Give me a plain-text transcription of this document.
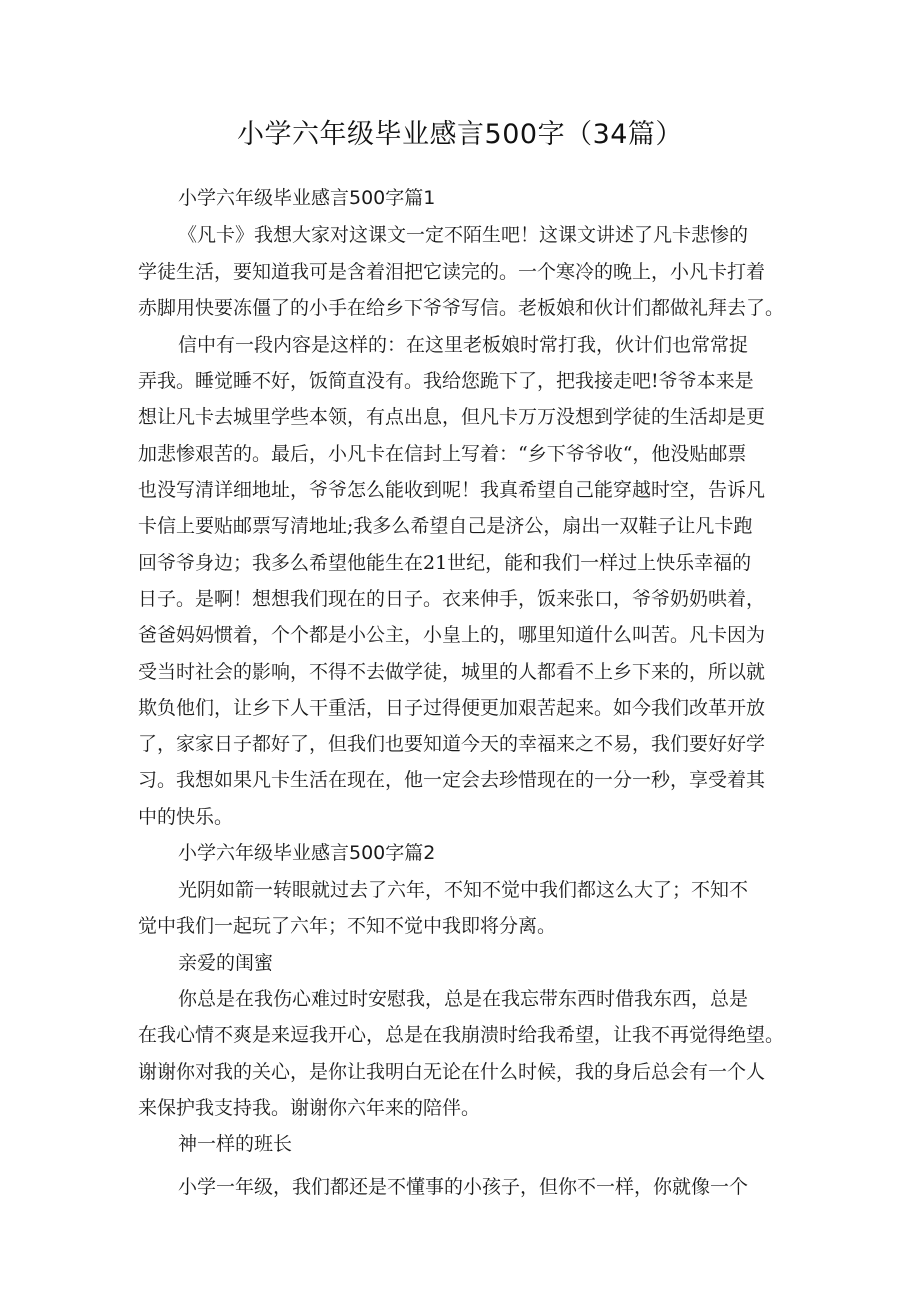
小学六年级毕业感言500字（34篇）

小学六年级毕业感言500字篇1

《凡卡》我想大家对这课文一定不陌生吧！这课文讲述了凡卡悲惨的

学徒生活，要知道我可是含着泪把它读完的。一个寒冷的晚上，小凡卡打着

赤脚用快要冻僵了的小手在给乡下爷爷写信。老板娘和伙计们都做礼拜去了。

信中有一段内容是这样的：在这里老板娘时常打我，伙计们也常常捉

弄我。睡觉睡不好，饭简直没有。我给您跪下了，把我接走吧!爷爷本来是

想让凡卡去城里学些本领，有点出息，但凡卡万万没想到学徒的生活却是更

加悲惨艰苦的。最后，小凡卡在信封上写着：“乡下爷爷收“，他没贴邮票

也没写清详细地址，爷爷怎么能收到呢！我真希望自己能穿越时空，告诉凡

卡信上要贴邮票写清地址;我多么希望自己是济公，扇出一双鞋子让凡卡跑

回爷爷身边；我多么希望他能生在21世纪，能和我们一样过上快乐幸福的

日子。是啊！想想我们现在的日子。衣来伸手，饭来张口，爷爷奶奶哄着，

爸爸妈妈惯着，个个都是小公主，小皇上的，哪里知道什么叫苦。凡卡因为

受当时社会的影响，不得不去做学徒，城里的人都看不上乡下来的，所以就

欺负他们，让乡下人干重活，日子过得便更加艰苦起来。如今我们改革开放

了，家家日子都好了，但我们也要知道今天的幸福来之不易，我们要好好学

习。我想如果凡卡生活在现在，他一定会去珍惜现在的一分一秒，享受着其

中的快乐。

小学六年级毕业感言500字篇2

光阴如箭一转眼就过去了六年，不知不觉中我们都这么大了；不知不

觉中我们一起玩了六年；不知不觉中我即将分离。

亲爱的闺蜜

你总是在我伤心难过时安慰我，总是在我忘带东西时借我东西，总是

在我心情不爽是来逗我开心，总是在我崩溃时给我希望，让我不再觉得绝望。

谢谢你对我的关心，是你让我明白无论在什么时候，我的身后总会有一个人

来保护我支持我。谢谢你六年来的陪伴。

神一样的班长

小学一年级，我们都还是不懂事的小孩子，但你不一样，你就像一个
